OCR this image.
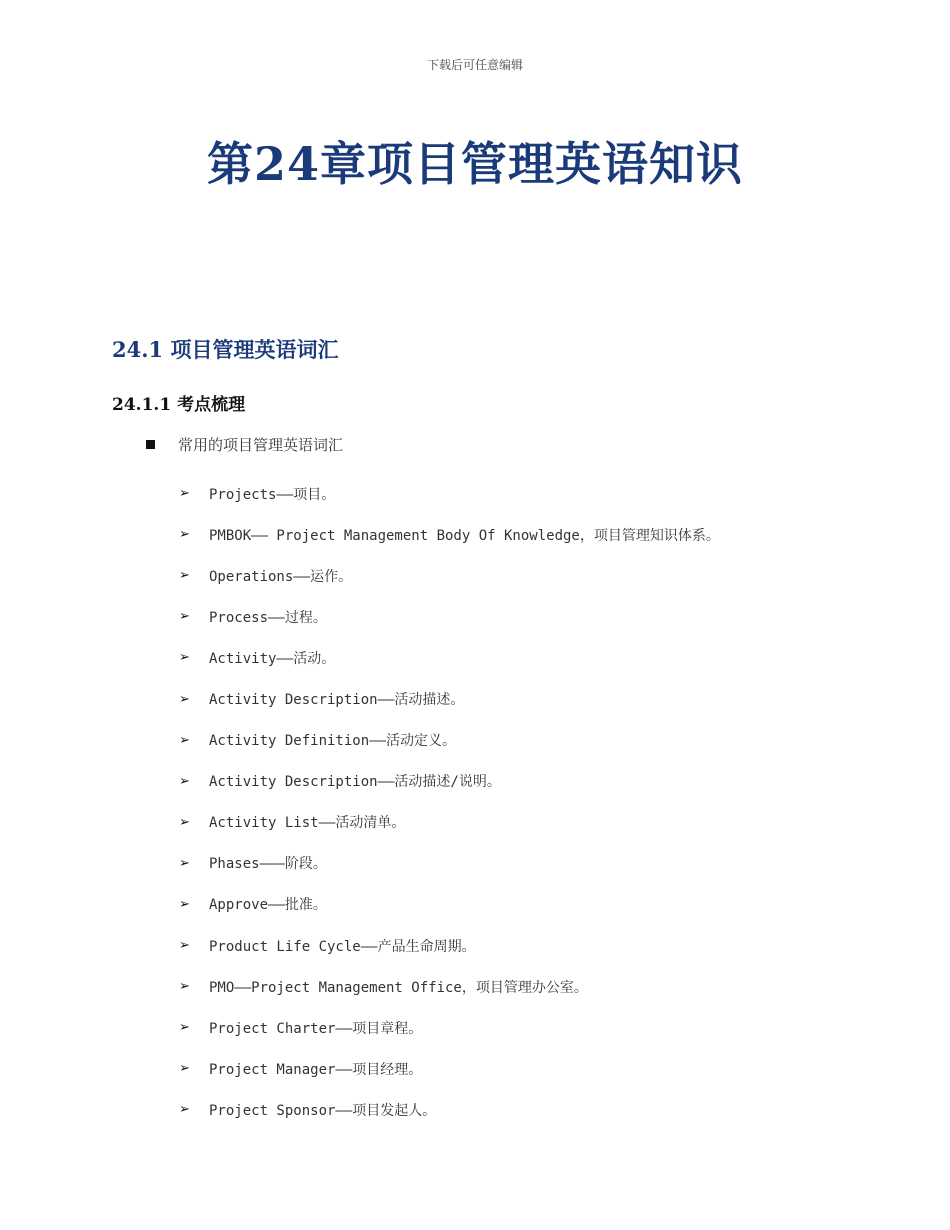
下载后可任意编辑
第24章项目管理英语知识
24.1 项目管理英语词汇
24.1.1 考点梳理
常用的项目管理英语词汇
➢	Projects——项目。
➢	PMBOK—— Project Management Body Of Knowledge，项目管理知识体系。
➢	Operations——运作。
➢	Process——过程。
➢	Activity——活动。
➢	Activity Description——活动描述。
➢	Activity Definition——活动定义。
➢	Activity Description——活动描述/说明。
➢	Activity List——活动清单。
➢	Phases———阶段。
➢	Approve——批准。
➢	Product Life Cycle——产品生命周期。
➢	PMO——Project Management Office，项目管理办公室。
➢	Project Charter——项目章程。
➢	Project Manager——项目经理。
➢	Project Sponsor——项目发起人。
